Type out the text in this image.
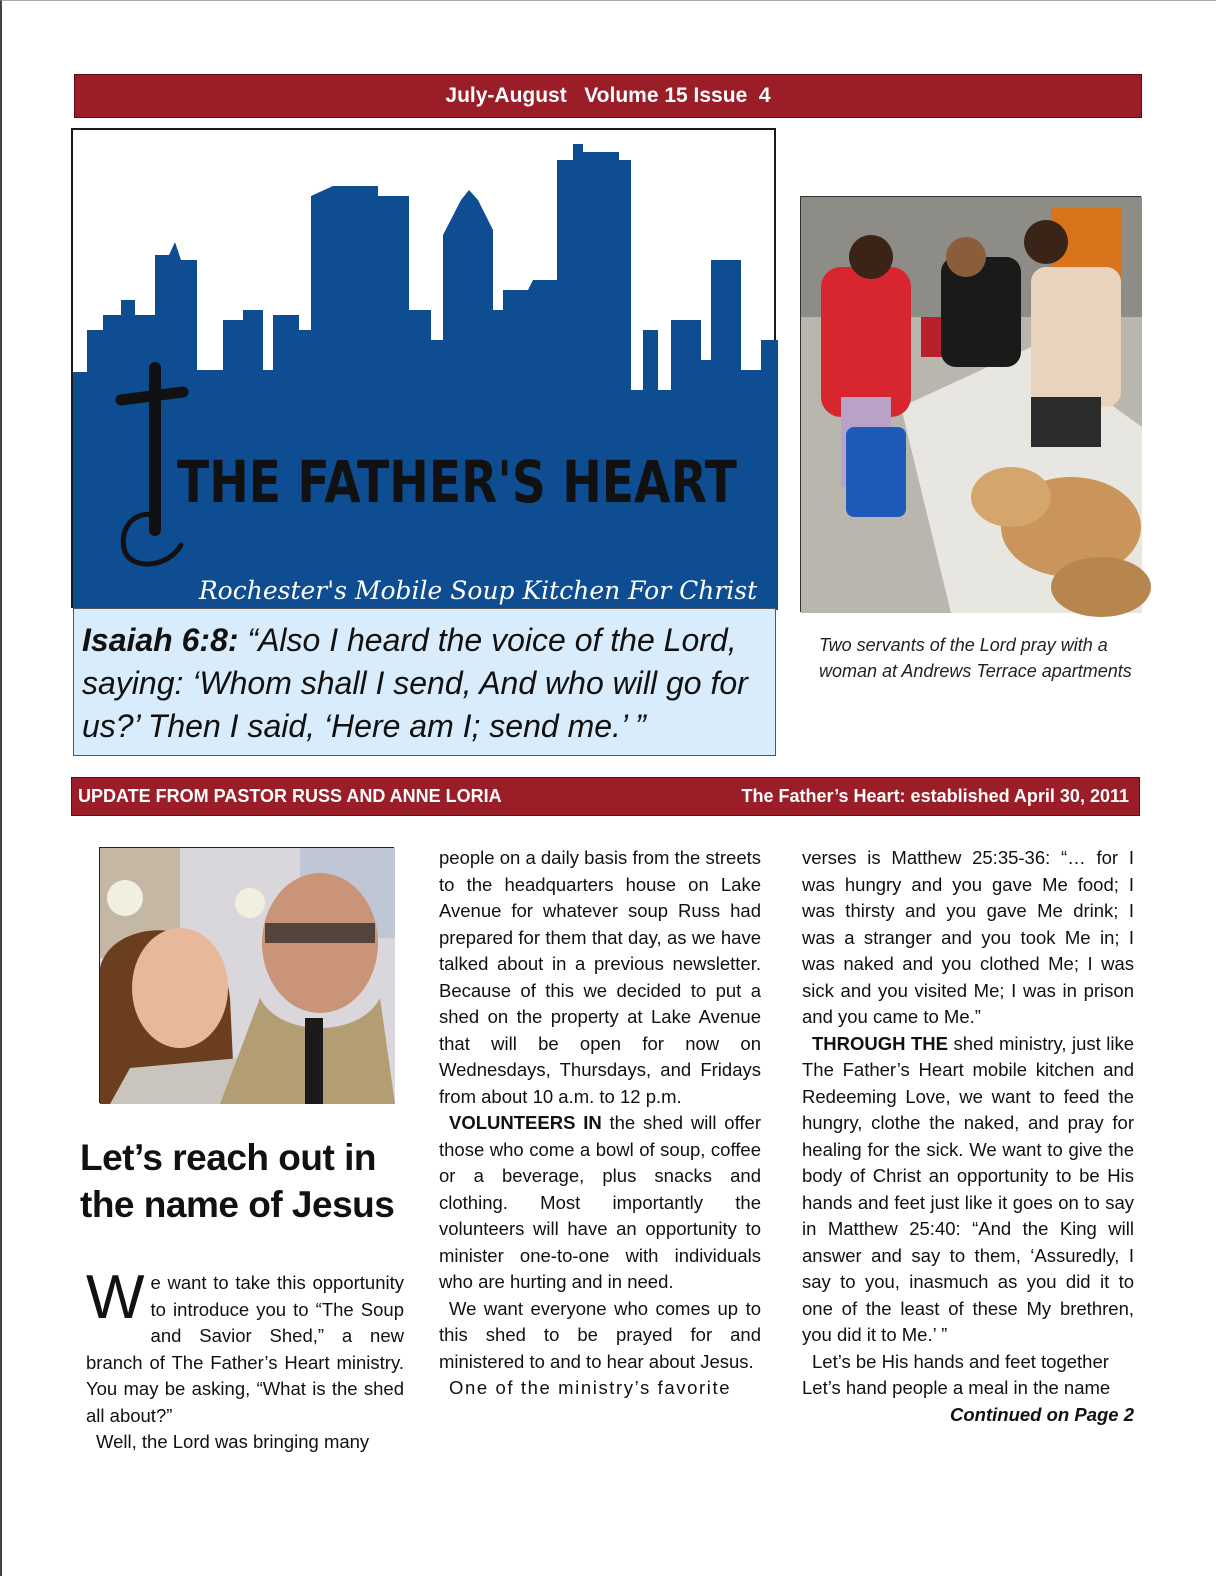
July-August   Volume 15 Issue  4
THE FATHER'S HEART
Rochester's Mobile Soup Kitchen For Christ
Isaiah 6:8: “Also I heard the voice of the Lord, saying: ‘Whom shall I send, And who will go for us?’ Then I said, ‘Here am I; send me.’ ”
Two servants of the Lord pray with a woman at Andrews Terrace apartments
UPDATE FROM PASTOR RUSS AND ANNE LORIA	The Father’s Heart: established April 30, 2011
Let’s reach out in the name of Jesus

We want to take this opportunity to introduce you to “The Soup and Savior Shed,” a new branch of The Father’s Heart ministry. You may be asking, “What is the shed all about?”

Well, the Lord was bringing many

people on a daily basis from the streets to the headquarters house on Lake Avenue for whatever soup Russ had prepared for them that day, as we have talked about in a previous newsletter. Because of this we decided to put a shed on the property at Lake Avenue that will be open for now on Wednesdays, Thursdays, and Fridays from about 10 a.m. to 12 p.m.

VOLUNTEERS IN the shed will offer those who come a bowl of soup, coffee or a beverage, plus snacks and clothing. Most importantly the volunteers will have an opportunity to minister one-to-one with individuals who are hurting and in need.

We want everyone who comes up to this shed to be prayed for and ministered to and to hear about Jesus.

One of the ministry’s favorite

verses is Matthew 25:35-36: “… for I was hungry and you gave Me food; I was thirsty and you gave Me drink; I was a stranger and you took Me in; I was naked and you clothed Me; I was sick and you visited Me; I was in prison and you came to Me.”

THROUGH THE shed ministry, just like The Father’s Heart mobile kitchen and Redeeming Love, we want to feed the hungry, clothe the naked, and pray for healing for the sick. We want to give the body of Christ an opportunity to be His hands and feet just like it goes on to say in Matthew 25:40: “And the King will answer and say to them, ‘Assuredly, I say to you, inasmuch as you did it to one of the least of these My brethren, you did it to Me.’ ”

Let’s be His hands and feet together Let’s hand people a meal in the name

Continued on Page 2
